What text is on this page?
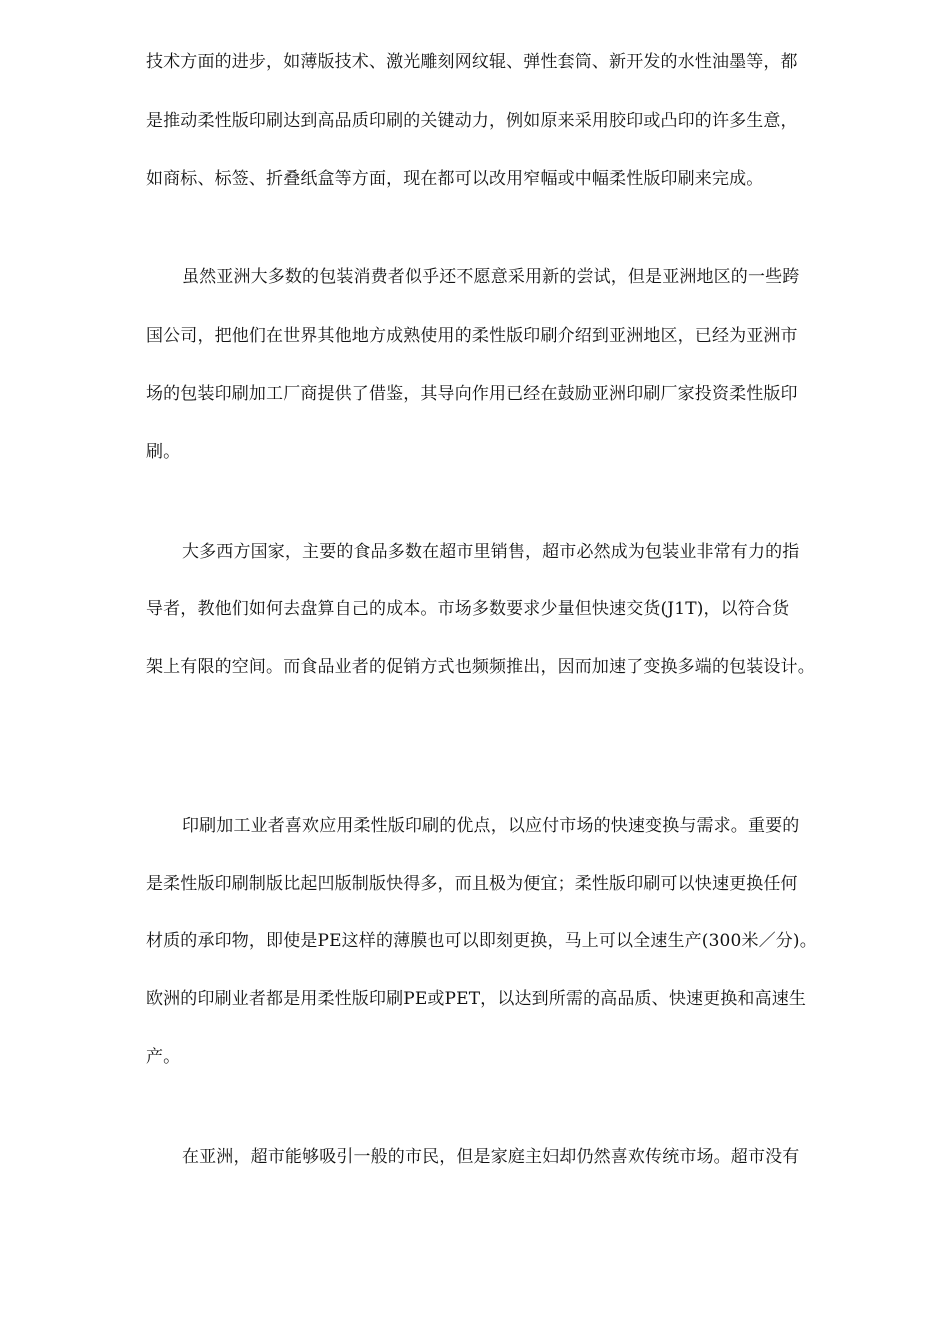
技术方面的进步，如薄版技术、激光雕刻网纹辊、弹性套筒、新开发的水性油墨等，都
是推动柔性版印刷达到高品质印刷的关键动力，例如原来采用胶印或凸印的许多生意，
如商标、标签、折叠纸盒等方面，现在都可以改用窄幅或中幅柔性版印刷来完成。
虽然亚洲大多数的包装消费者似乎还不愿意采用新的尝试，但是亚洲地区的一些跨
国公司，把他们在世界其他地方成熟使用的柔性版印刷介绍到亚洲地区，已经为亚洲市
场的包装印刷加工厂商提供了借鉴，其导向作用已经在鼓励亚洲印刷厂家投资柔性版印
刷。
大多西方国家，主要的食品多数在超市里销售，超市必然成为包装业非常有力的指
导者，教他们如何去盘算自己的成本。市场多数要求少量但快速交货(J1T)，以符合货
架上有限的空间。而食品业者的促销方式也频频推出，因而加速了变换多端的包装设计。
印刷加工业者喜欢应用柔性版印刷的优点，以应付市场的快速变换与需求。重要的
是柔性版印刷制版比起凹版制版快得多，而且极为便宜；柔性版印刷可以快速更换任何
材质的承印物，即使是PE这样的薄膜也可以即刻更换，马上可以全速生产(300米／分)。
欧洲的印刷业者都是用柔性版印刷PE或PET，以达到所需的高品质、快速更换和高速生
产。
在亚洲，超市能够吸引一般的市民，但是家庭主妇却仍然喜欢传统市场。超市没有
